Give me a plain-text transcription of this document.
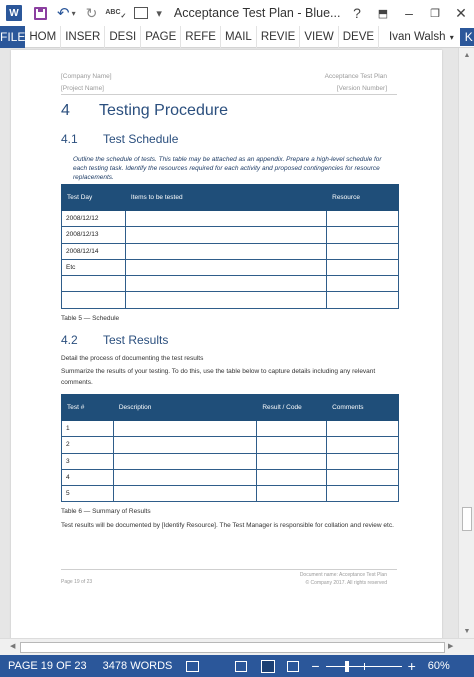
W	↶ ▾ ↻ ABC

✓	▾ Acceptance Test Plan - Blue... ?	⬒	–	❐	✕
FILE HOM INSER DESI PAGE REFE MAIL REVIE VIEW DEVE	Ivan Walsh ▾ K
[Company Name]
[Project Name]
Acceptance Test Plan
[Version Number]
4	Testing Procedure
4.1	Test Schedule
Outline the schedule of tests. This table may be attached as an appendix. Prepare a high-level schedule for each testing task. Identify the resources required for each activity and proposed contingencies for resource replacements.
Test Day	Items to be tested	Resource
2008/12/12		
2008/12/13		
2008/12/14		
Etc		

Table 5 — Schedule
4.2	Test Results
Detail the process of documenting the test results
Summarize the results of your testing. To do this, use the table below to capture details including any relevant comments.
Test #	Description	Result / Code	Comments
1			
2			
3			
4			
5			
Table 6 — Summary of Results
Test results will be documented by [Identify Resource]. The Test Manager is responsible for collation and review etc.
Document name: Acceptance Test Plan
© Company 2017. All rights reserved
Page 19 of 23
▲
▼
◀	▶
PAGE 19 OF 23 3478 WORDS	−	+ 60%
